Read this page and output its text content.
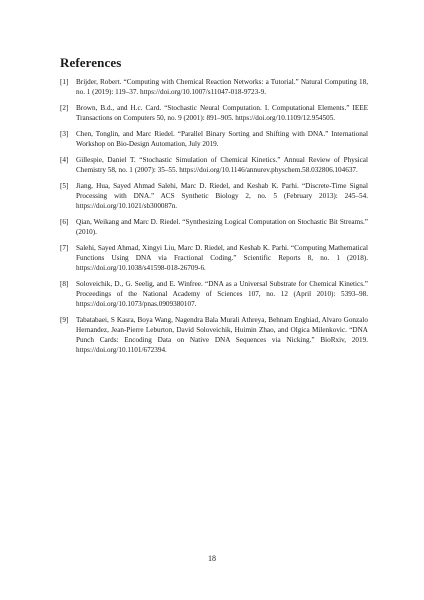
References
[1]	Brijder, Robert. “Computing with Chemical Reaction Networks: a Tutorial.” Natural Computing 18, no. 1 (2019): 119–37. https://doi.org/10.1007/s11047-018-9723-9.
[2]	Brown, B.d., and H.c. Card. “Stochastic Neural Computation. I. Computational Elements.” IEEE Transactions on Computers 50, no. 9 (2001): 891–905. https://doi.org/10.1109/12.954505.
[3]	Chen, Tonglin, and Marc Riedel. “Parallel Binary Sorting and Shifting with DNA.” International Workshop on Bio-Design Automation, July 2019.
[4]	Gillespie, Daniel T. “Stochastic Simulation of Chemical Kinetics.” Annual Review of Physical Chemistry 58, no. 1 (2007): 35–55. https://doi.org/10.1146/annurev.physchem.58.032806.104637.
[5]	Jiang, Hua, Sayed Ahmad Salehi, Marc D. Riedel, and Keshab K. Parhi. “Discrete-Time Signal Processing with DNA.” ACS Synthetic Biology 2, no. 5 (February 2013): 245–54. https://doi.org/10.1021/sb300087n.
[6]	Qian, Weikang and Marc D. Riedel. “Synthesizing Logical Computation on Stochastic Bit Streams.” (2010).
[7]	Salehi, Sayed Ahmad, Xingyi Liu, Marc D. Riedel, and Keshab K. Parhi. “Computing Mathematical Functions Using DNA via Fractional Coding.” Scientific Reports 8, no. 1 (2018). https://doi.org/10.1038/s41598-018-26709-6.
[8]	Soloveichik, D., G. Seelig, and E. Winfree. “DNA as a Universal Substrate for Chemical Kinetics.” Proceedings of the National Academy of Sciences 107, no. 12 (April 2010): 5393–98. https://doi.org/10.1073/pnas.0909380107.
[9]	Tabatabaei, S Kasra, Boya Wang, Nagendra Bala Murali Athreya, Behnam Enghiad, Alvaro Gonzalo Hernandez, Jean-Pierre Leburton, David Soloveichik, Huimin Zhao, and Olgica Milenkovic. “DNA Punch Cards: Encoding Data on Native DNA Sequences via Nicking.” BioRxiv, 2019. https://doi.org/10.1101/672394.
18
